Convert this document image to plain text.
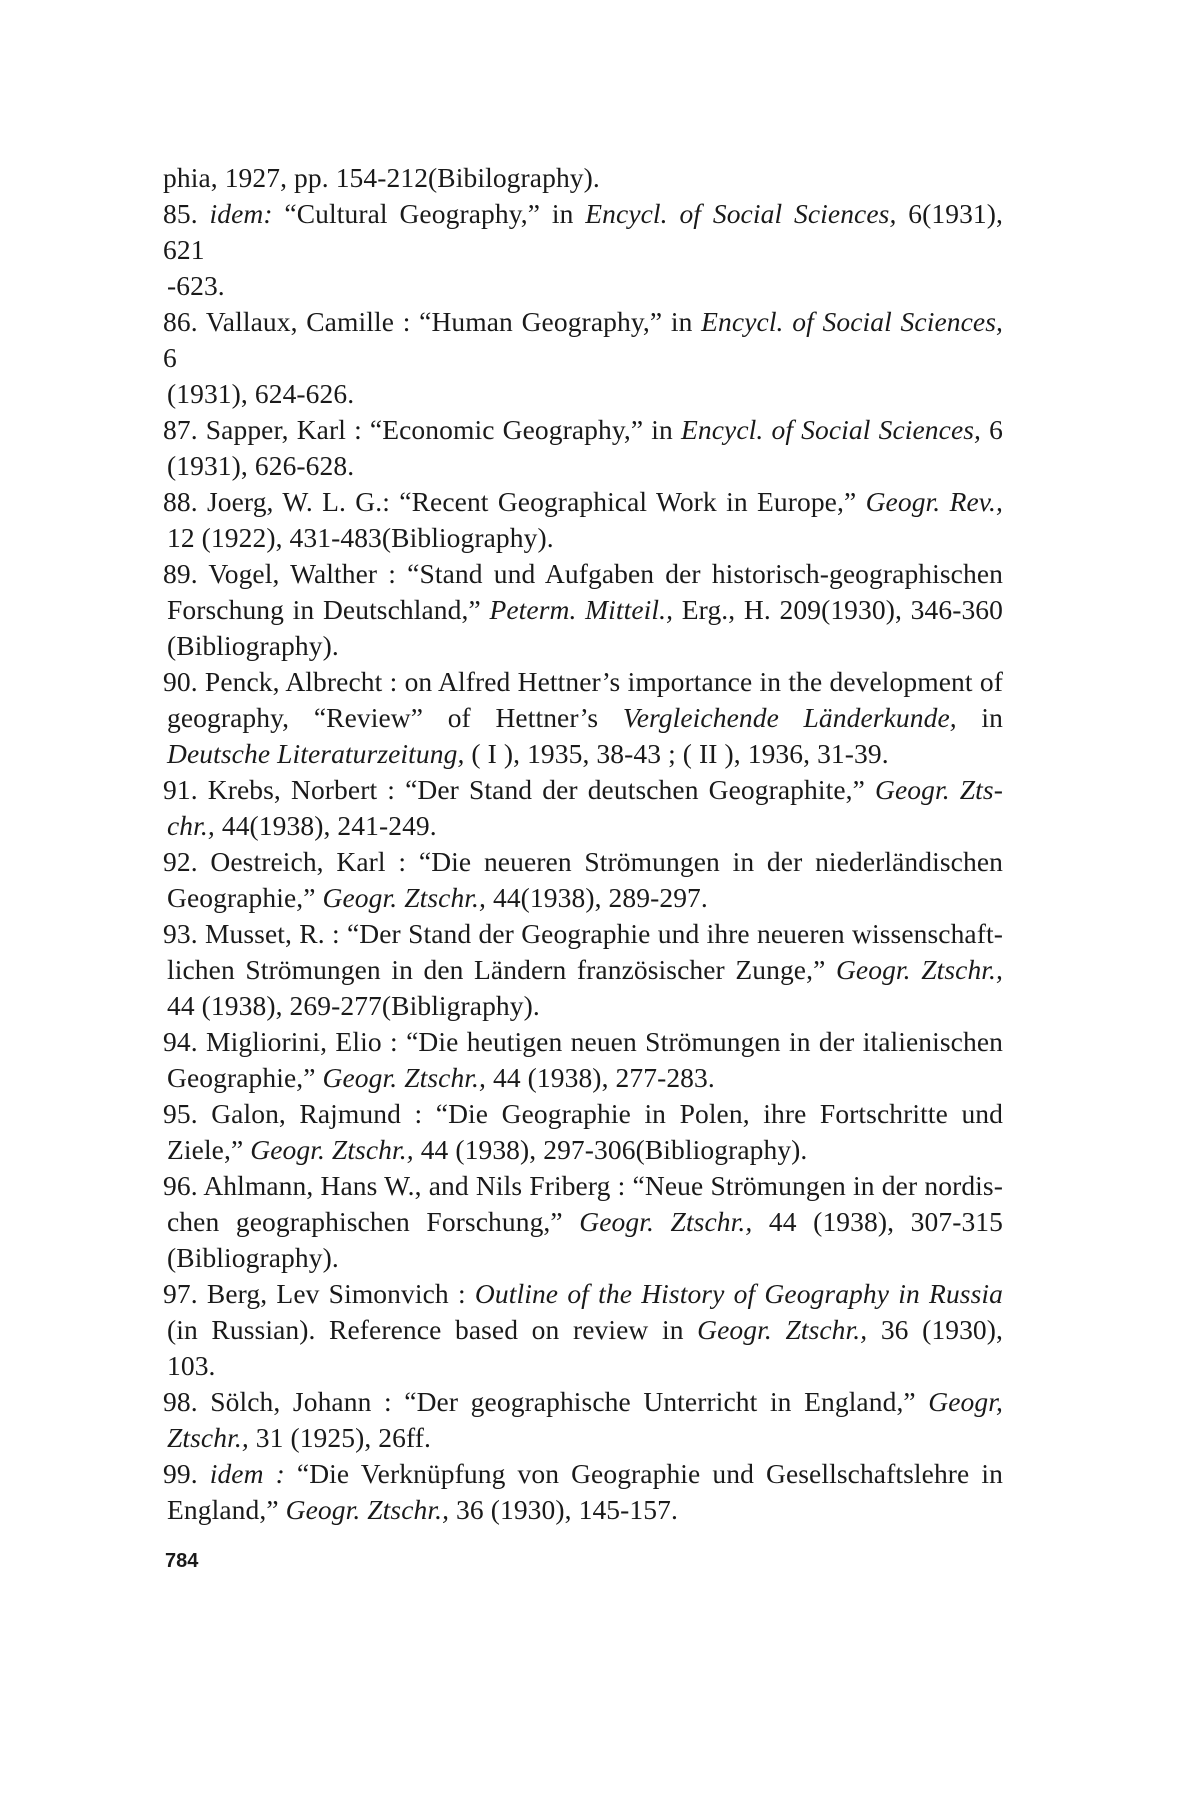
phia, 1927, pp. 154-212(Bibilography).
85. idem: “Cultural Geography,” in Encycl. of Social Sciences, 6(1931), 621
-623.
86. Vallaux, Camille : “Human Geography,” in Encycl. of Social Sciences, 6
(1931), 624-626.
87. Sapper, Karl : “Economic Geography,” in Encycl. of Social Sciences, 6
(1931), 626-628.
88. Joerg, W. L. G.: “Recent Geographical Work in Europe,” Geogr. Rev.,
12 (1922), 431-483(Bibliography).
89. Vogel, Walther : “Stand und Aufgaben der historisch-geographischen
Forschung in Deutschland,” Peterm. Mitteil., Erg., H. 209(1930), 346-360
(Bibliography).
90. Penck, Albrecht : on Alfred Hettner’s importance in the development of
geography, “Review” of Hettner’s Vergleichende Länderkunde, in
Deutsche Literaturzeitung, ( I ), 1935, 38-43 ; ( II ), 1936, 31-39.
91. Krebs, Norbert : “Der Stand der deutschen Geographite,” Geogr. Zts-
chr., 44(1938), 241-249.
92. Oestreich, Karl : “Die neueren Strömungen in der niederländischen
Geographie,” Geogr. Ztschr., 44(1938), 289-297.
93. Musset, R. : “Der Stand der Geographie und ihre neueren wissenschaft-
lichen Strömungen in den Ländern französischer Zunge,” Geogr. Ztschr.,
44 (1938), 269-277(Bibligraphy).
94. Migliorini, Elio : “Die heutigen neuen Strömungen in der italienischen
Geographie,” Geogr. Ztschr., 44 (1938), 277-283.
95. Galon, Rajmund : “Die Geographie in Polen, ihre Fortschritte und
Ziele,” Geogr. Ztschr., 44 (1938), 297-306(Bibliography).
96. Ahlmann, Hans W., and Nils Friberg : “Neue Strömungen in der nordis-
chen geographischen Forschung,” Geogr. Ztschr., 44 (1938), 307-315
(Bibliography).
97. Berg, Lev Simonvich : Outline of the History of Geography in Russia
(in Russian). Reference based on review in Geogr. Ztschr., 36 (1930),
103.
98. Sölch, Johann : “Der geographische Unterricht in England,” Geogr,
Ztschr., 31 (1925), 26ff.
99. idem : “Die Verknüpfung von Geographie und Gesellschaftslehre in
England,” Geogr. Ztschr., 36 (1930), 145-157.
784
